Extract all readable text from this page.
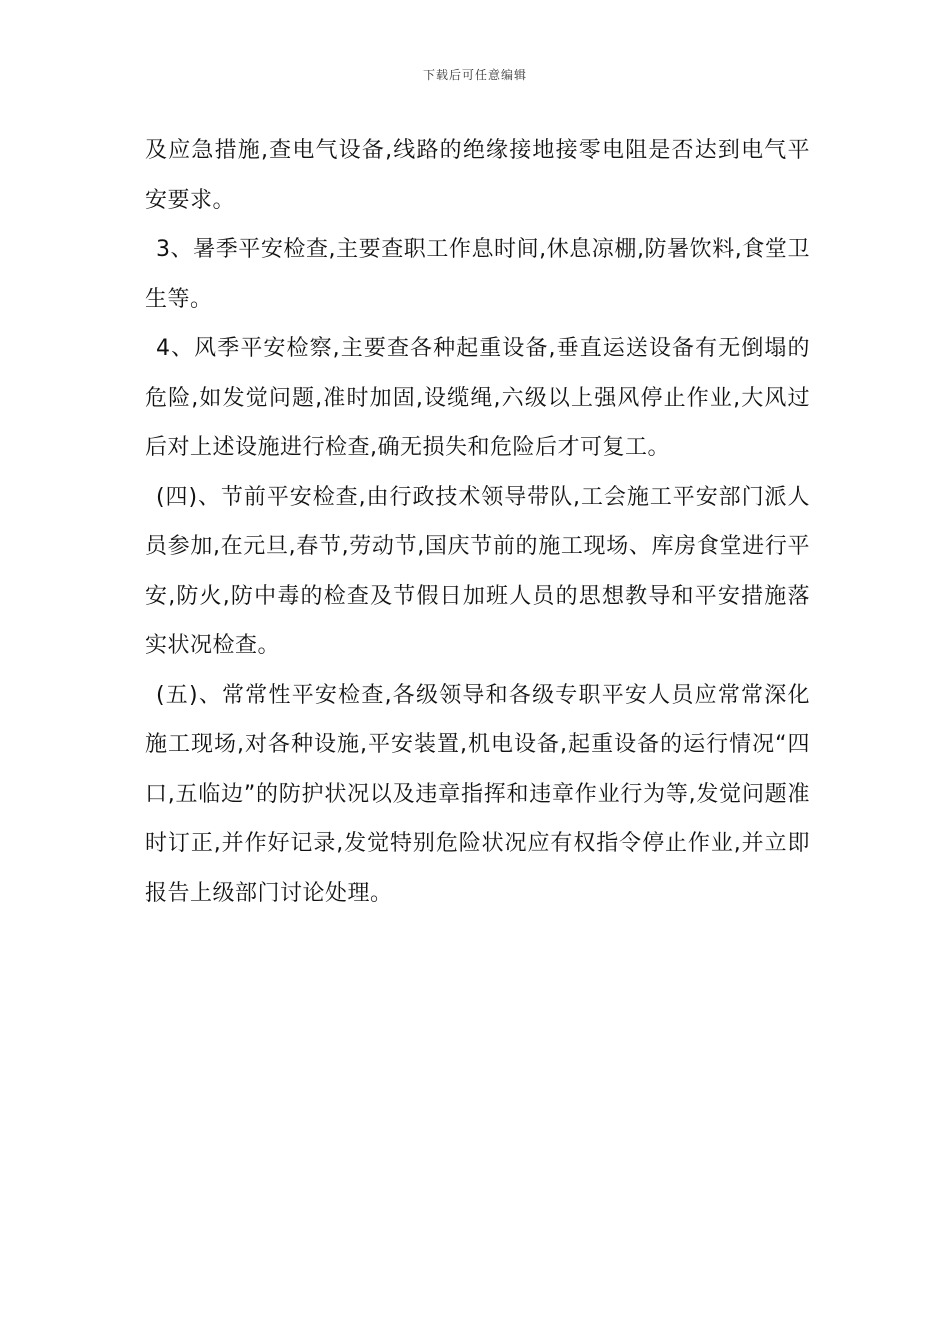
下载后可任意编辑

及应急措施,查电气设备,线路的绝缘接地接零电阻是否达到电气平安要求。

3、暑季平安检查,主要查职工作息时间,休息凉棚,防暑饮料,食堂卫生等。

4、风季平安检察,主要查各种起重设备,垂直运送设备有无倒塌的危险,如发觉问题,准时加固,设缆绳,六级以上强风停止作业,大风过后对上述设施进行检查,确无损失和危险后才可复工。

(四)、节前平安检查,由行政技术领导带队,工会施工平安部门派人员参加,在元旦,春节,劳动节,国庆节前的施工现场、库房食堂进行平安,防火,防中毒的检查及节假日加班人员的思想教导和平安措施落实状况检查。

(五)、常常性平安检查,各级领导和各级专职平安人员应常常深化施工现场,对各种设施,平安装置,机电设备,起重设备的运行情况“四口,五临边”的防护状况以及违章指挥和违章作业行为等,发觉问题准时订正,并作好记录,发觉特别危险状况应有权指令停止作业,并立即报告上级部门讨论处理。
